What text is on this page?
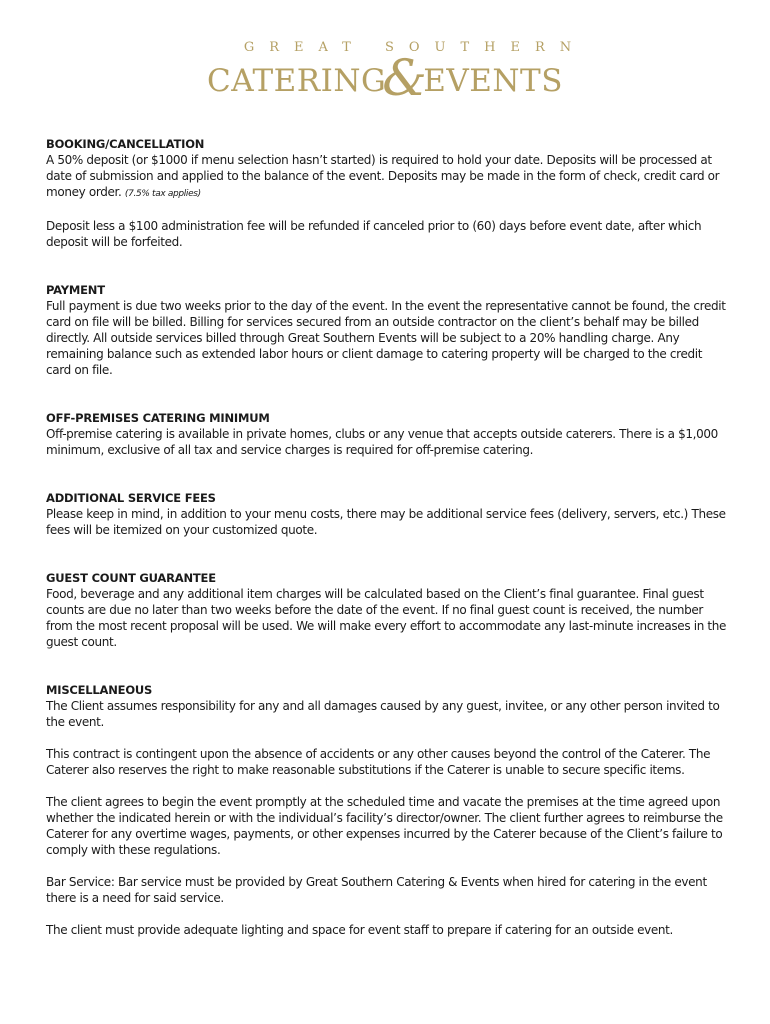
GREAT SOUTHERN
CATERING&EVENTS
BOOKING/CANCELLATION

A 50% deposit (or $1000 if menu selection hasn’t started) is required to hold your date. Deposits will be processed at date of submission and applied to the balance of the event. Deposits may be made in the form of check, credit card or money order. (7.5% tax applies)

Deposit less a $100 administration fee will be refunded if canceled prior to (60) days before event date, after which deposit will be forfeited.

PAYMENT

Full payment is due two weeks prior to the day of the event. In the event the representative cannot be found, the credit card on file will be billed. Billing for services secured from an outside contractor on the client’s behalf may be billed directly. All outside services billed through Great Southern Events will be subject to a 20% handling charge. Any remaining balance such as extended labor hours or client damage to catering property will be charged to the credit card on file.

OFF-PREMISES CATERING MINIMUM

Off-premise catering is available in private homes, clubs or any venue that accepts outside caterers. There is a $1,000 minimum, exclusive of all tax and service charges is required for off-premise catering.

ADDITIONAL SERVICE FEES

Please keep in mind, in addition to your menu costs, there may be additional service fees (delivery, servers, etc.) These fees will be itemized on your customized quote.

GUEST COUNT GUARANTEE

Food, beverage and any additional item charges will be calculated based on the Client’s final guarantee. Final guest counts are due no later than two weeks before the date of the event. If no final guest count is received, the number from the most recent proposal will be used. We will make every effort to accommodate any last-minute increases in the guest count.

MISCELLANEOUS

The Client assumes responsibility for any and all damages caused by any guest, invitee, or any other person invited to the event.

This contract is contingent upon the absence of accidents or any other causes beyond the control of the Caterer. The Caterer also reserves the right to make reasonable substitutions if the Caterer is unable to secure specific items.

The client agrees to begin the event promptly at the scheduled time and vacate the premises at the time agreed upon whether the indicated herein or with the individual’s facility’s director/owner. The client further agrees to reimburse the Caterer for any overtime wages, payments, or other expenses incurred by the Caterer because of the Client’s failure to comply with these regulations.

Bar Service: Bar service must be provided by Great Southern Catering & Events when hired for catering in the event there is a need for said service.

The client must provide adequate lighting and space for event staff to prepare if catering for an outside event.
